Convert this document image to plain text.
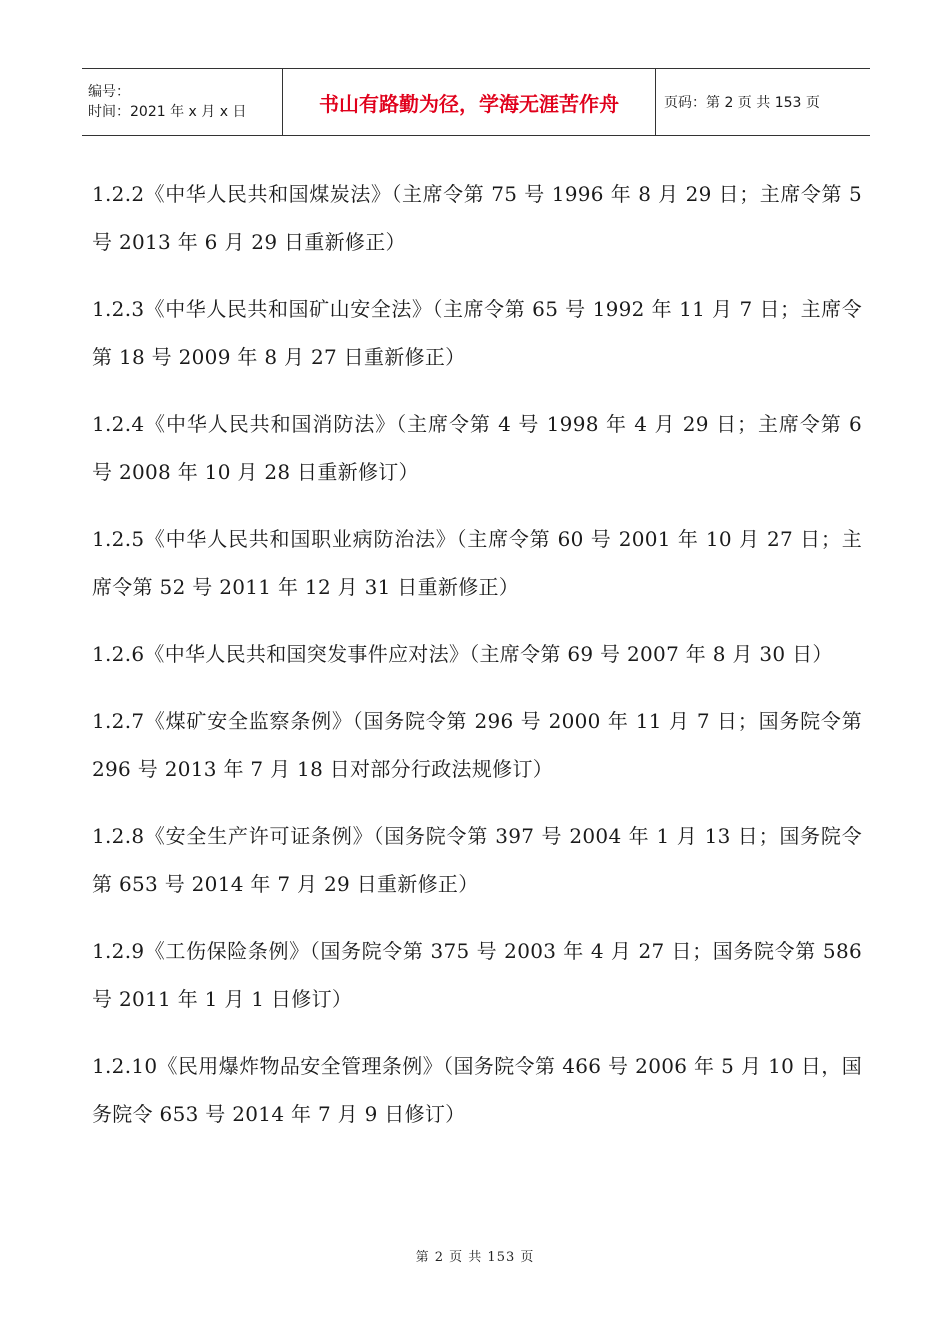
编号：
时间：2021 年 x 月 x 日	书山有路勤为径，学海无涯苦作舟	页码：第 2 页 共 153 页

1.2.2《中华人民共和国煤炭法》（主席令第 75 号 1996 年 8 月 29 日；主席令第 5 号 2013 年 6 月 29 日重新修正）

1.2.3《中华人民共和国矿山安全法》（主席令第 65 号 1992 年 11 月 7 日；主席令第 18 号 2009 年 8 月 27 日重新修正）

1.2.4《中华人民共和国消防法》（主席令第 4 号 1998 年 4 月 29 日；主席令第 6 号 2008 年 10 月 28 日重新修订）

1.2.5《中华人民共和国职业病防治法》（主席令第 60 号 2001 年 10 月 27 日；主席令第 52 号 2011 年 12 月 31 日重新修正）

1.2.6《中华人民共和国突发事件应对法》（主席令第 69 号 2007 年 8 月 30 日）

1.2.7《煤矿安全监察条例》（国务院令第 296 号 2000 年 11 月 7 日；国务院令第 296 号 2013 年 7 月 18 日对部分行政法规修订）

1.2.8《安全生产许可证条例》（国务院令第 397 号 2004 年 1 月 13 日；国务院令第 653 号 2014 年 7 月 29 日重新修正）

1.2.9《工伤保险条例》（国务院令第 375 号 2003 年 4 月 27 日；国务院令第 586 号 2011 年 1 月 1 日修订）

1.2.10《民用爆炸物品安全管理条例》（国务院令第 466 号 2006 年 5 月 10 日，国务院令 653 号 2014 年 7 月 9 日修订）

第 2 页 共 153 页
